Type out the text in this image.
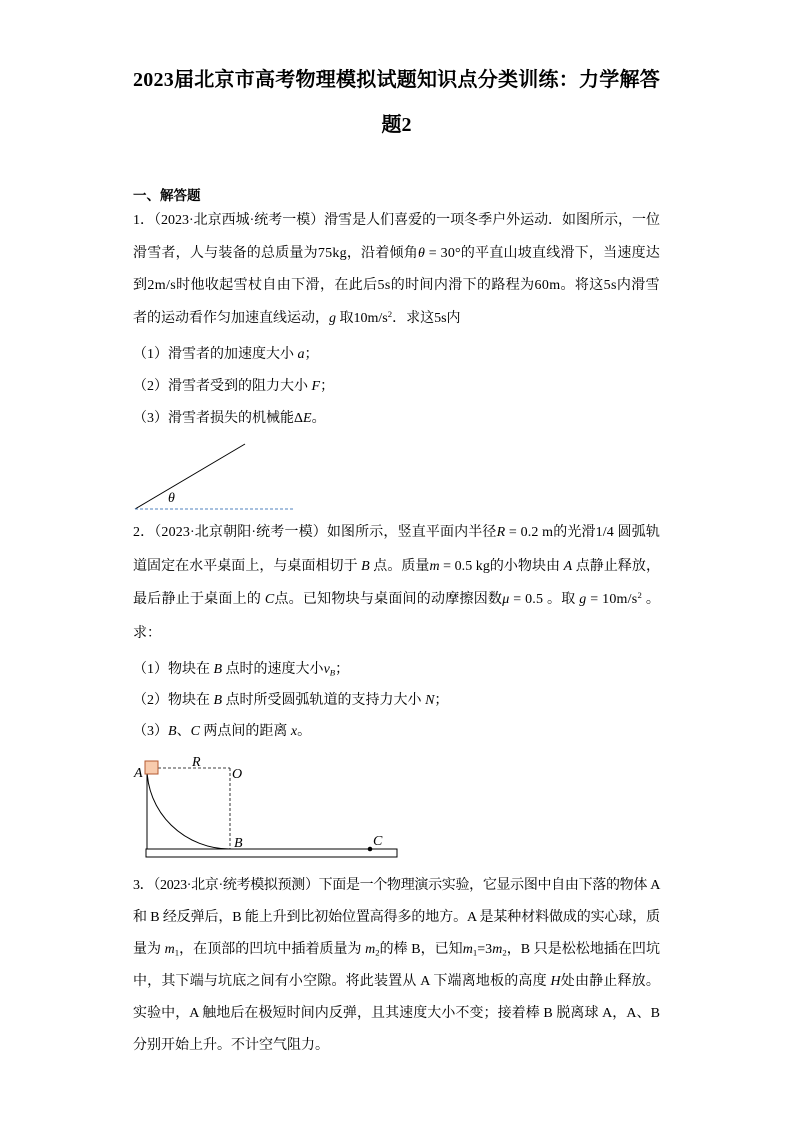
2023届北京市高考物理模拟试题知识点分类训练：力学解答
题2
一、解答题
1．（2023·北京西城·统考一模）滑雪是人们喜爱的一项冬季户外运动．如图所示，一位
滑雪者，人与装备的总质量为75kg，沿着倾角θ = 30°的平直山坡直线滑下，当速度达
到2m/s时他收起雪杖自由下滑，在此后5s的时间内滑下的路程为60m。将这5s内滑雪
者的运动看作匀加速直线运动，g 取$10m/s^2$．求这5s内
（1）滑雪者的加速度大小 a；
（2）滑雪者受到的阻力大小 F；
（3）滑雪者损失的机械能ΔE。
θ
2．（2023·北京朝阳·统考一模）如图所示，竖直平面内半径R = 0.2 m的光滑1/4 圆弧轨
道固定在水平桌面上，与桌面相切于 B 点。质量m = 0.5 kg的小物块由 A 点静止释放，
最后静止于桌面上的 C点。已知物块与桌面间的动摩擦因数μ = 0.5 。取 $g = 10m/s^2$ 。
求：
（1）物块在 B 点时的速度大小vB；
（2）物块在 B 点时所受圆弧轨道的支持力大小 N；
（3）B、C 两点间的距离 x。
A
R
O
B	C
3．（2023·北京·统考模拟预测）下面是一个物理演示实验，它显示图中自由下落的物体 A
和 B 经反弹后，B 能上升到比初始位置高得多的地方。A 是某种材料做成的实心球，质
量为 $m_1$，在顶部的凹坑中插着质量为 $m_2$的棒 B，已知$m_1=3m_2$，B 只是松松地插在凹坑
中，其下端与坑底之间有小空隙。将此装置从 A 下端离地板的高度 H处由静止释放。
实验中，A 触地后在极短时间内反弹，且其速度大小不变；接着棒 B 脱离球 A，A、B
分别开始上升。不计空气阻力。
